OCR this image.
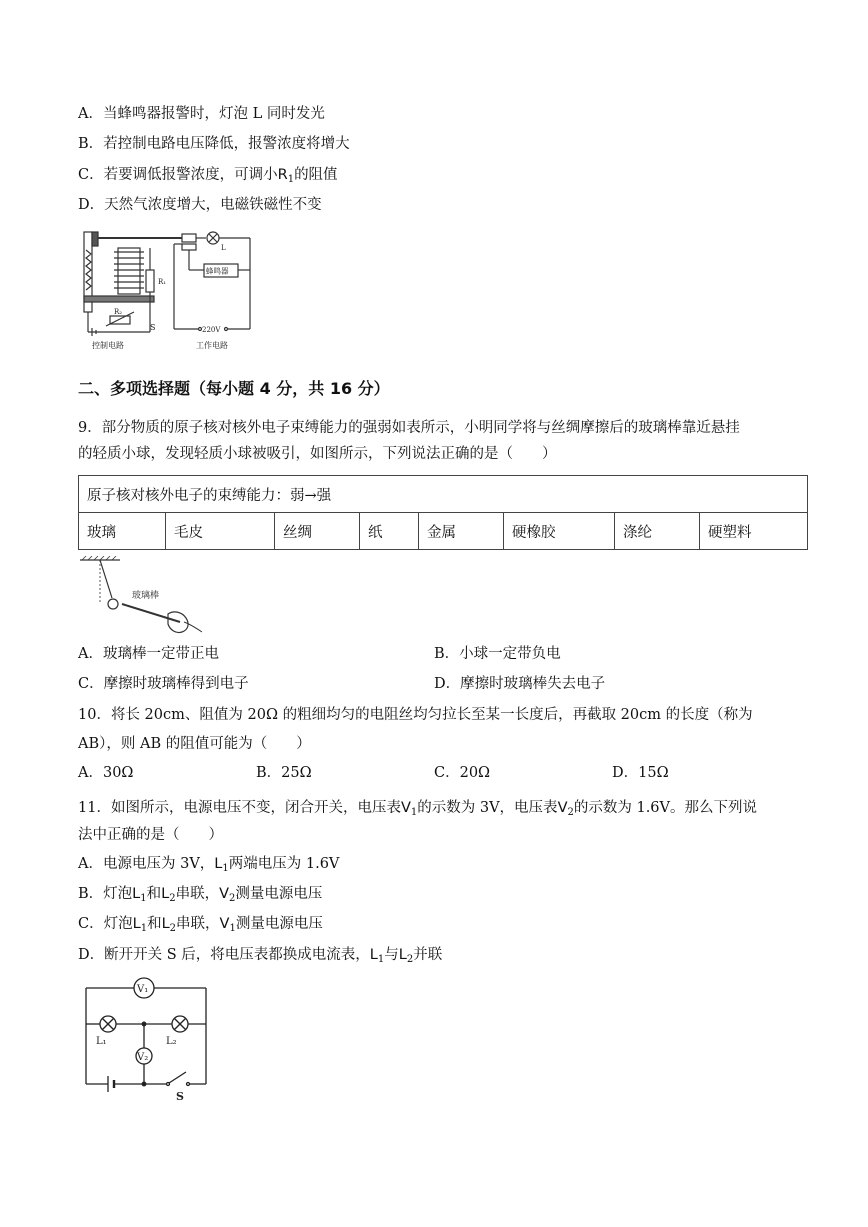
A．当蜂鸣器报警时，灯泡 L 同时发光
B．若控制电路电压降低，报警浓度将增大
C．若要调低报警浓度，可调小$R_1$的阻值
D．天然气浓度增大，电磁铁磁性不变
S
R₁
R₂
L
蜂鸣器
220V
控制电路	工作电路
二、多项选择题（每小题 4 分，共 16 分）
9．部分物质的原子核对核外电子束缚能力的强弱如表所示，小明同学将与丝绸摩擦后的玻璃棒靠近悬挂
的轻质小球，发现轻质小球被吸引，如图所示，下列说法正确的是（　　）
原子核对核外电子的束缚能力：弱→强
玻璃	毛皮	丝绸	纸	金属	硬橡胶	涤纶	硬塑料
玻璃棒
A．玻璃棒一定带正电	B．小球一定带负电
C．摩擦时玻璃棒得到电子	D．摩擦时玻璃棒失去电子
10．将长 20cm、阻值为 20Ω 的粗细均匀的电阻丝均匀拉长至某一长度后，再截取 20cm 的长度（称为
AB），则 AB 的阻值可能为（　　）
A．30Ω	B．25Ω	C．20Ω	D．15Ω
11．如图所示，电源电压不变，闭合开关，电压表$V_1$的示数为 3V，电压表$V_2$的示数为 1.6V。那么下列说
法中正确的是（　　）
A．电源电压为 3V，$L_1$两端电压为 1.6V
B．灯泡$L_1$和$L_2$串联，$V_2$测量电源电压
C．灯泡$L_1$和$L_2$串联，$V_1$测量电源电压
D．断开开关 S 后，将电压表都换成电流表，$L_1$与$L_2$并联
V₁
V₂
L₁	L₂
S
